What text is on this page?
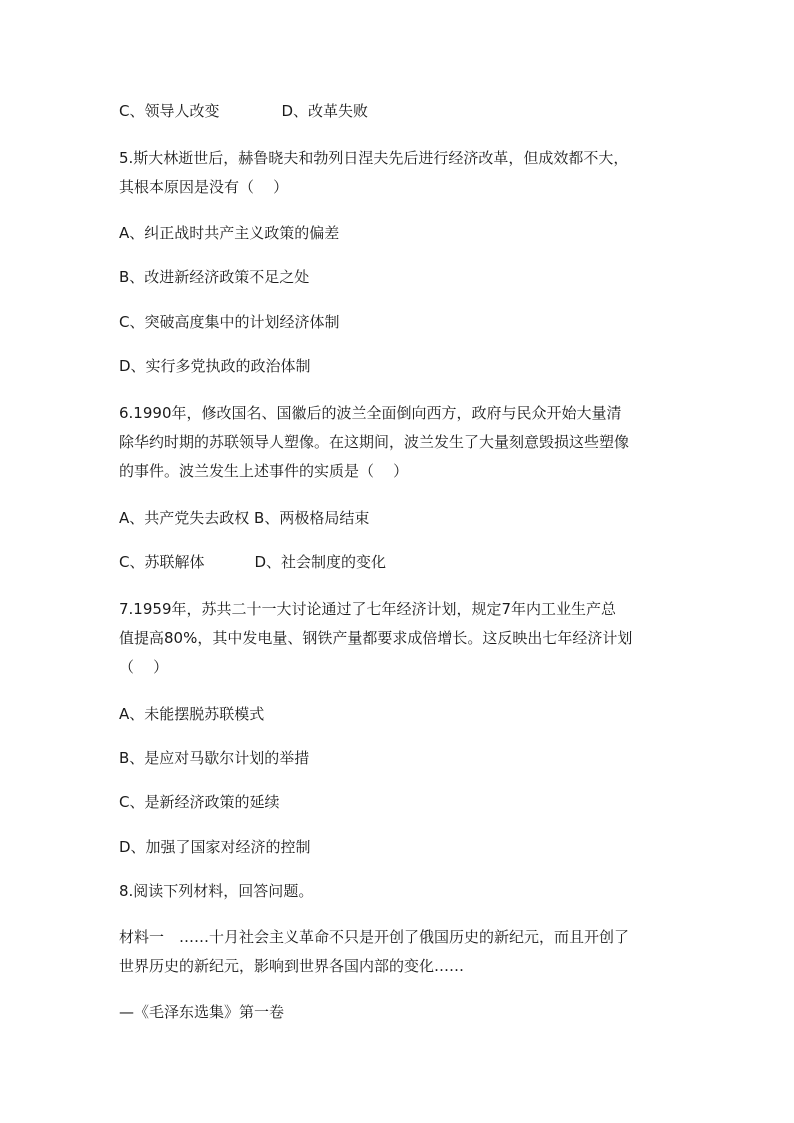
C、领导人改变	D、改革失败
5.斯大林逝世后，赫鲁晓夫和勃列日涅夫先后进行经济改革，但成效都不大，
其根本原因是没有（ ）
A、纠正战时共产主义政策的偏差
B、改进新经济政策不足之处
C、突破高度集中的计划经济体制
D、实行多党执政的政治体制
6.1990年，修改国名、国徽后的波兰全面倒向西方，政府与民众开始大量清
除华约时期的苏联领导人塑像。在这期间，波兰发生了大量刻意毁损这些塑像
的事件。波兰发生上述事件的实质是（ ）
A、共产党失去政权 B、两极格局结束
C、苏联解体	D、社会制度的变化
7.1959年，苏共二十一大讨论通过了七年经济计划，规定7年内工业生产总
值提高80%，其中发电量、钢铁产量都要求成倍增长。这反映出七年经济计划
（ ）
A、未能摆脱苏联模式
B、是应对马歇尔计划的举措
C、是新经济政策的延续
D、加强了国家对经济的控制
8.阅读下列材料，回答问题。
材料一　……十月社会主义革命不只是开创了俄国历史的新纪元，而且开创了
世界历史的新纪元，影响到世界各国内部的变化……
—《毛泽东选集》第一卷
